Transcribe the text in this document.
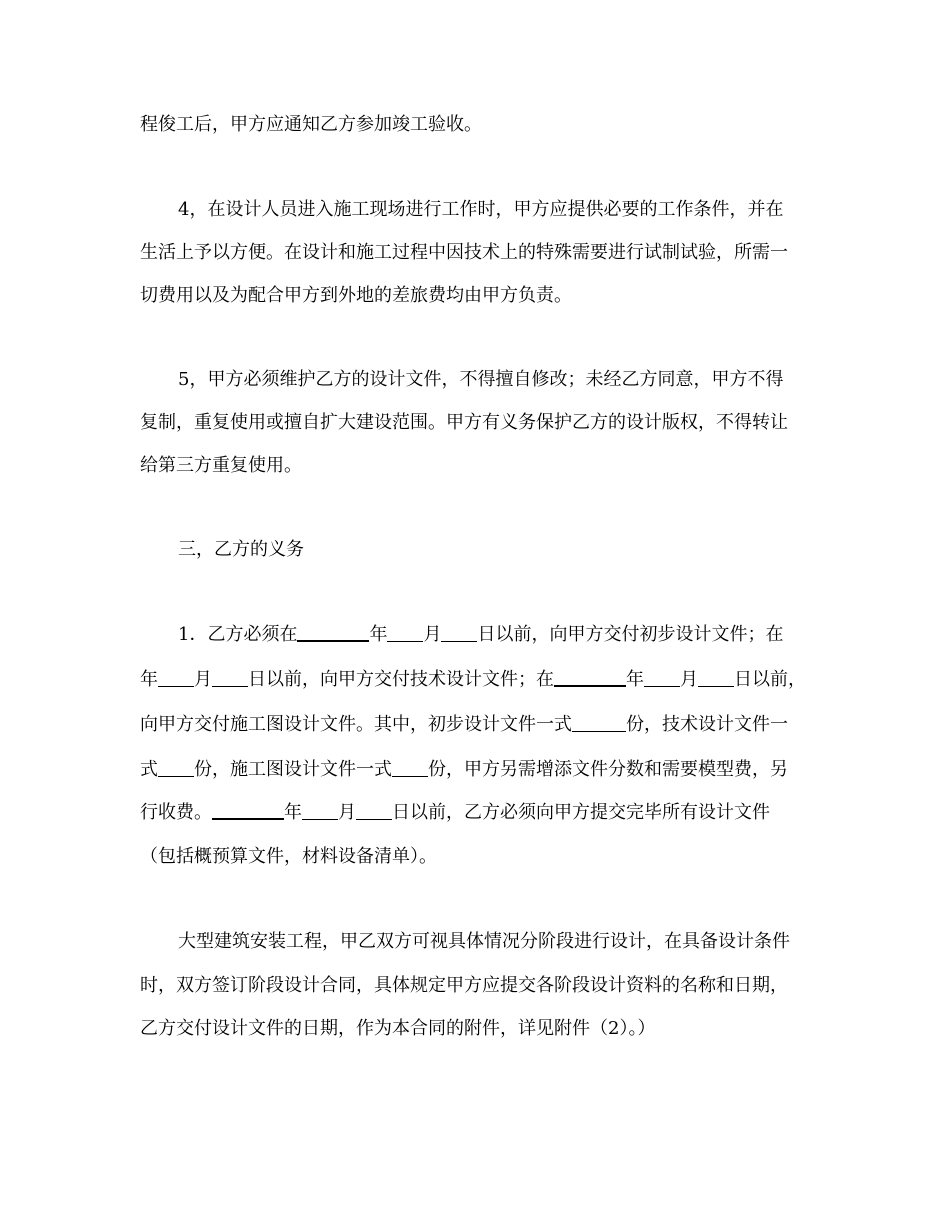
程俊工后，甲方应通知乙方参加竣工验收。
4，在设计人员进入施工现场进行工作时，甲方应提供必要的工作条件，并在
生活上予以方便。在设计和施工过程中因技术上的特殊需要进行试制试验，所需一
切费用以及为配合甲方到外地的差旅费均由甲方负责。
5，甲方必须维护乙方的设计文件，不得擅自修改；未经乙方同意，甲方不得
复制，重复使用或擅自扩大建设范围。甲方有义务保护乙方的设计版权，不得转让
给第三方重复使用。
三，乙方的义务
1．乙方必须在	年 月 日以前，向甲方交付初步设计文件；在
年 月 日以前，向甲方交付技术设计文件；在	年 月 日以前，
向甲方交付施工图设计文件。其中，初步设计文件一式	份，技术设计文件一
式 份，施工图设计文件一式 份，甲方另需增添文件分数和需要模型费，另
行收费。	年 月 日以前，乙方必须向甲方提交完毕所有设计文件
（包括概预算文件，材料设备清单）。
大型建筑安装工程，甲乙双方可视具体情况分阶段进行设计，在具备设计条件
时，双方签订阶段设计合同，具体规定甲方应提交各阶段设计资料的名称和日期，
乙方交付设计文件的日期，作为本合同的附件，详见附件（2）。）
